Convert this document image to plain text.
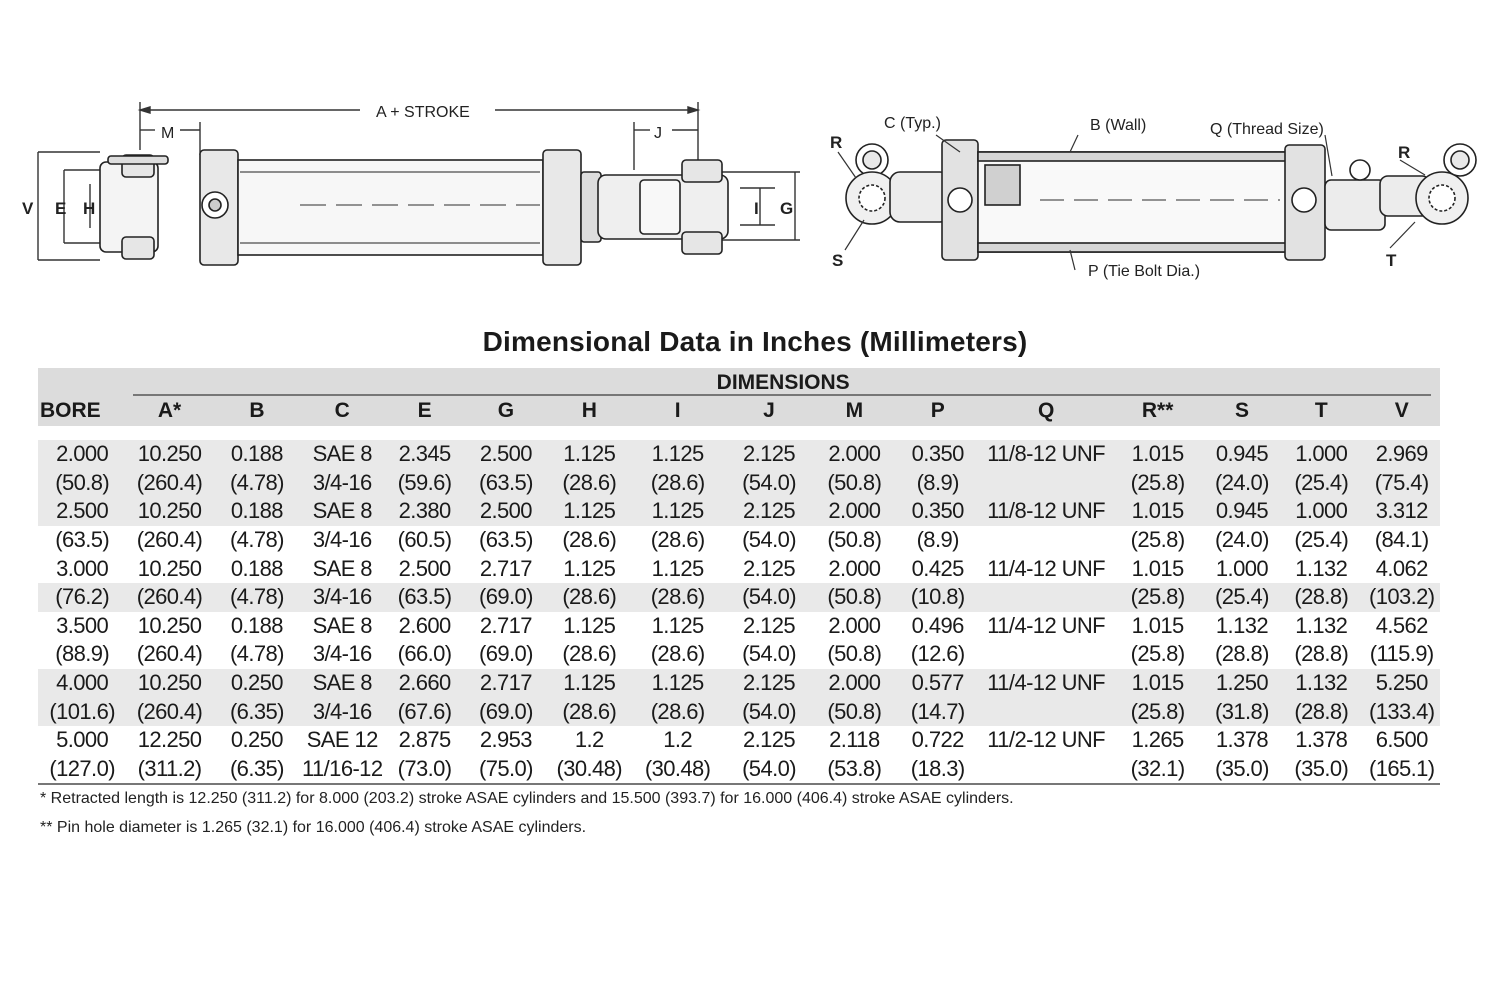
A + STROKE
M	J
V E H	I G
C (Typ.)	B (Wall)	Q (Thread Size)
R
R
S	T
P (Tie Bolt Dia.)
Dimensional Data in Inches (Millimeters)
	DIMENSIONS														
BORE	A*	B	C	E	G	H	I	J	M	P	Q	R**	S	T	V

2.000	10.250	0.188	SAE 8	2.345	2.500	1.125	1.125	2.125	2.000	0.350	11/8-12 UNF	1.015	0.945	1.000	2.969
(50.8)	(260.4)	(4.78)	3/4-16	(59.6)	(63.5)	(28.6)	(28.6)	(54.0)	(50.8)	(8.9)		(25.8)	(24.0)	(25.4)	(75.4)
2.500	10.250	0.188	SAE 8	2.380	2.500	1.125	1.125	2.125	2.000	0.350	11/8-12 UNF	1.015	0.945	1.000	3.312
(63.5)	(260.4)	(4.78)	3/4-16	(60.5)	(63.5)	(28.6)	(28.6)	(54.0)	(50.8)	(8.9)		(25.8)	(24.0)	(25.4)	(84.1)
3.000	10.250	0.188	SAE 8	2.500	2.717	1.125	1.125	2.125	2.000	0.425	11/4-12 UNF	1.015	1.000	1.132	4.062
(76.2)	(260.4)	(4.78)	3/4-16	(63.5)	(69.0)	(28.6)	(28.6)	(54.0)	(50.8)	(10.8)		(25.8)	(25.4)	(28.8)	(103.2)
3.500	10.250	0.188	SAE 8	2.600	2.717	1.125	1.125	2.125	2.000	0.496	11/4-12 UNF	1.015	1.132	1.132	4.562
(88.9)	(260.4)	(4.78)	3/4-16	(66.0)	(69.0)	(28.6)	(28.6)	(54.0)	(50.8)	(12.6)		(25.8)	(28.8)	(28.8)	(115.9)
4.000	10.250	0.250	SAE 8	2.660	2.717	1.125	1.125	2.125	2.000	0.577	11/4-12 UNF	1.015	1.250	1.132	5.250
(101.6)	(260.4)	(6.35)	3/4-16	(67.6)	(69.0)	(28.6)	(28.6)	(54.0)	(50.8)	(14.7)		(25.8)	(31.8)	(28.8)	(133.4)
5.000	12.250	0.250	SAE 12	2.875	2.953	1.2	1.2	2.125	2.118	0.722	11/2-12 UNF	1.265	1.378	1.378	6.500
(127.0)	(311.2)	(6.35)	11/16-12	(73.0)	(75.0)	(30.48)	(30.48)	(54.0)	(53.8)	(18.3)		(32.1)	(35.0)	(35.0)	(165.1)
* Retracted length is 12.250 (311.2) for 8.000 (203.2) stroke ASAE cylinders and 15.500 (393.7) for 16.000 (406.4) stroke ASAE cylinders.
** Pin hole diameter is 1.265 (32.1) for 16.000 (406.4) stroke ASAE cylinders.
